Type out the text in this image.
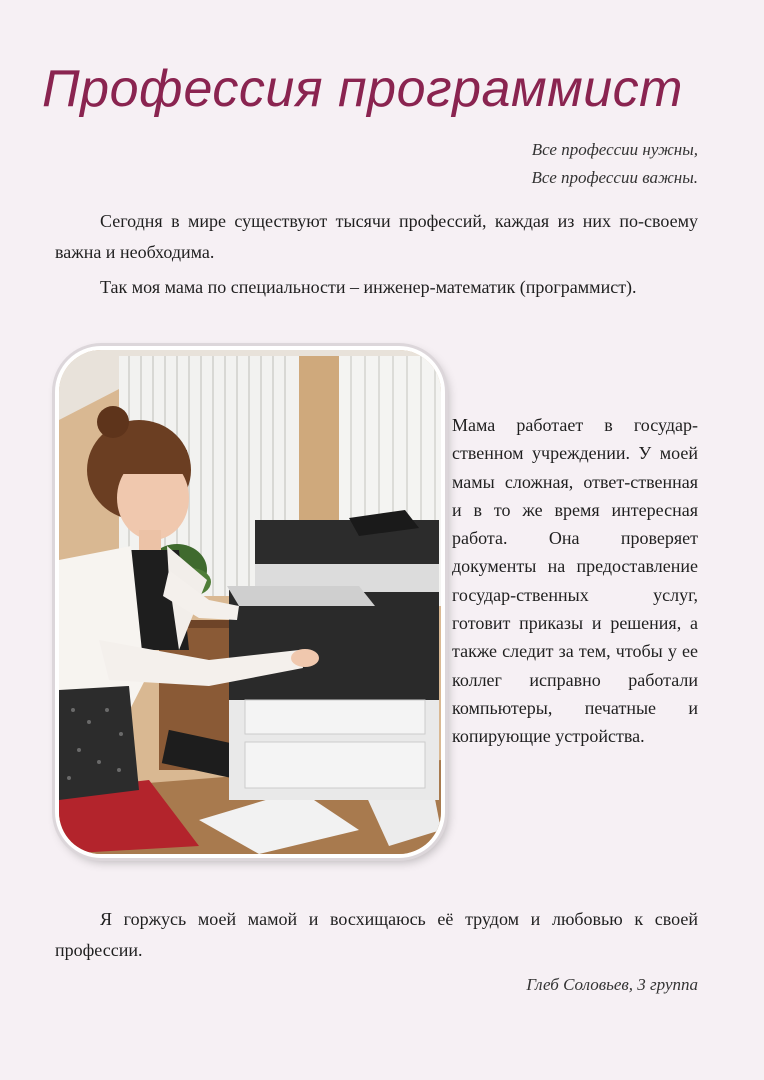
Профессия программист
Все профессии нужны,
Все профессии важны.

Сегодня в мире существуют тысячи профессий, каждая из них по-своему важна и необходима.

Так моя мама по специальности – инженер-математик (программист).

Мама работает в государ-ственном учреждении. У моей мамы сложная, ответ-ственная и в то же время интересная работа. Она проверяет документы на предоставление государ-ственных услуг, готовит приказы и решения, а также следит за тем, чтобы у ее коллег исправно работали компьютеры, печатные и копирующие устройства.

Я горжусь моей мамой и восхищаюсь её трудом и любовью к своей профессии.

Глеб Соловьев, 3 группа
